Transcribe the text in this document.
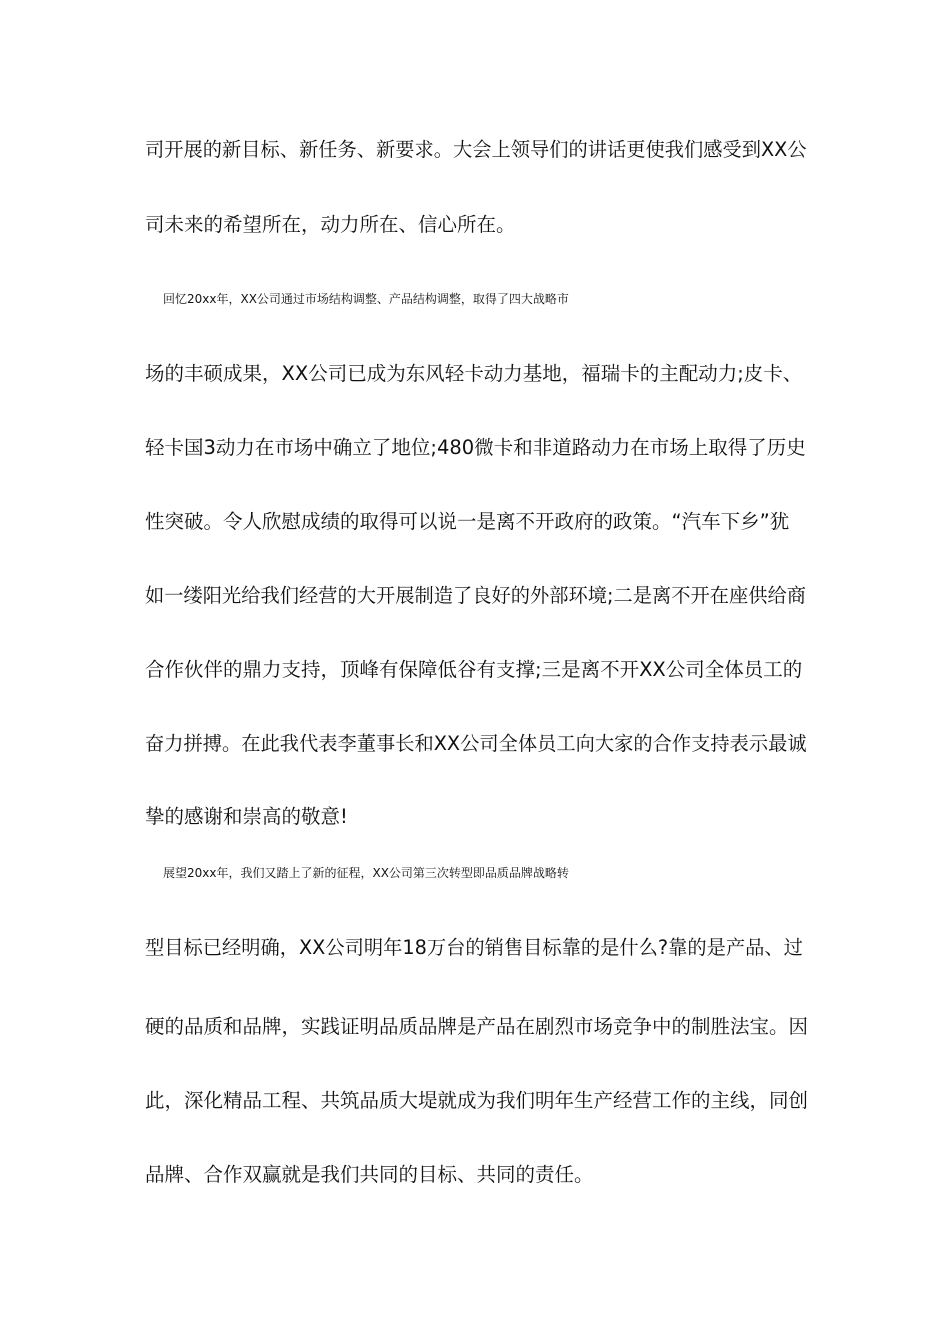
司开展的新目标、新任务、新要求。大会上领导们的讲话更使我们感受到XX公
司未来的希望所在，动力所在、信心所在。
回忆20xx年，XX公司通过市场结构调整、产品结构调整，取得了四大战略市
场的丰硕成果，XX公司已成为东风轻卡动力基地，福瑞卡的主配动力;皮卡、
轻卡国3动力在市场中确立了地位;480微卡和非道路动力在市场上取得了历史
性突破。令人欣慰成绩的取得可以说一是离不开政府的政策。“汽车下乡”犹
如一缕阳光给我们经营的大开展制造了良好的外部环境;二是离不开在座供给商
合作伙伴的鼎力支持，顶峰有保障低谷有支撑;三是离不开XX公司全体员工的
奋力拼搏。在此我代表李董事长和XX公司全体员工向大家的合作支持表示最诚
挚的感谢和崇高的敬意!
展望20xx年，我们又踏上了新的征程，XX公司第三次转型即品质品牌战略转
型目标已经明确，XX公司明年18万台的销售目标靠的是什么?靠的是产品、过
硬的品质和品牌，实践证明品质品牌是产品在剧烈市场竞争中的制胜法宝。因
此，深化精品工程、共筑品质大堤就成为我们明年生产经营工作的主线，同创
品牌、合作双赢就是我们共同的目标、共同的责任。
